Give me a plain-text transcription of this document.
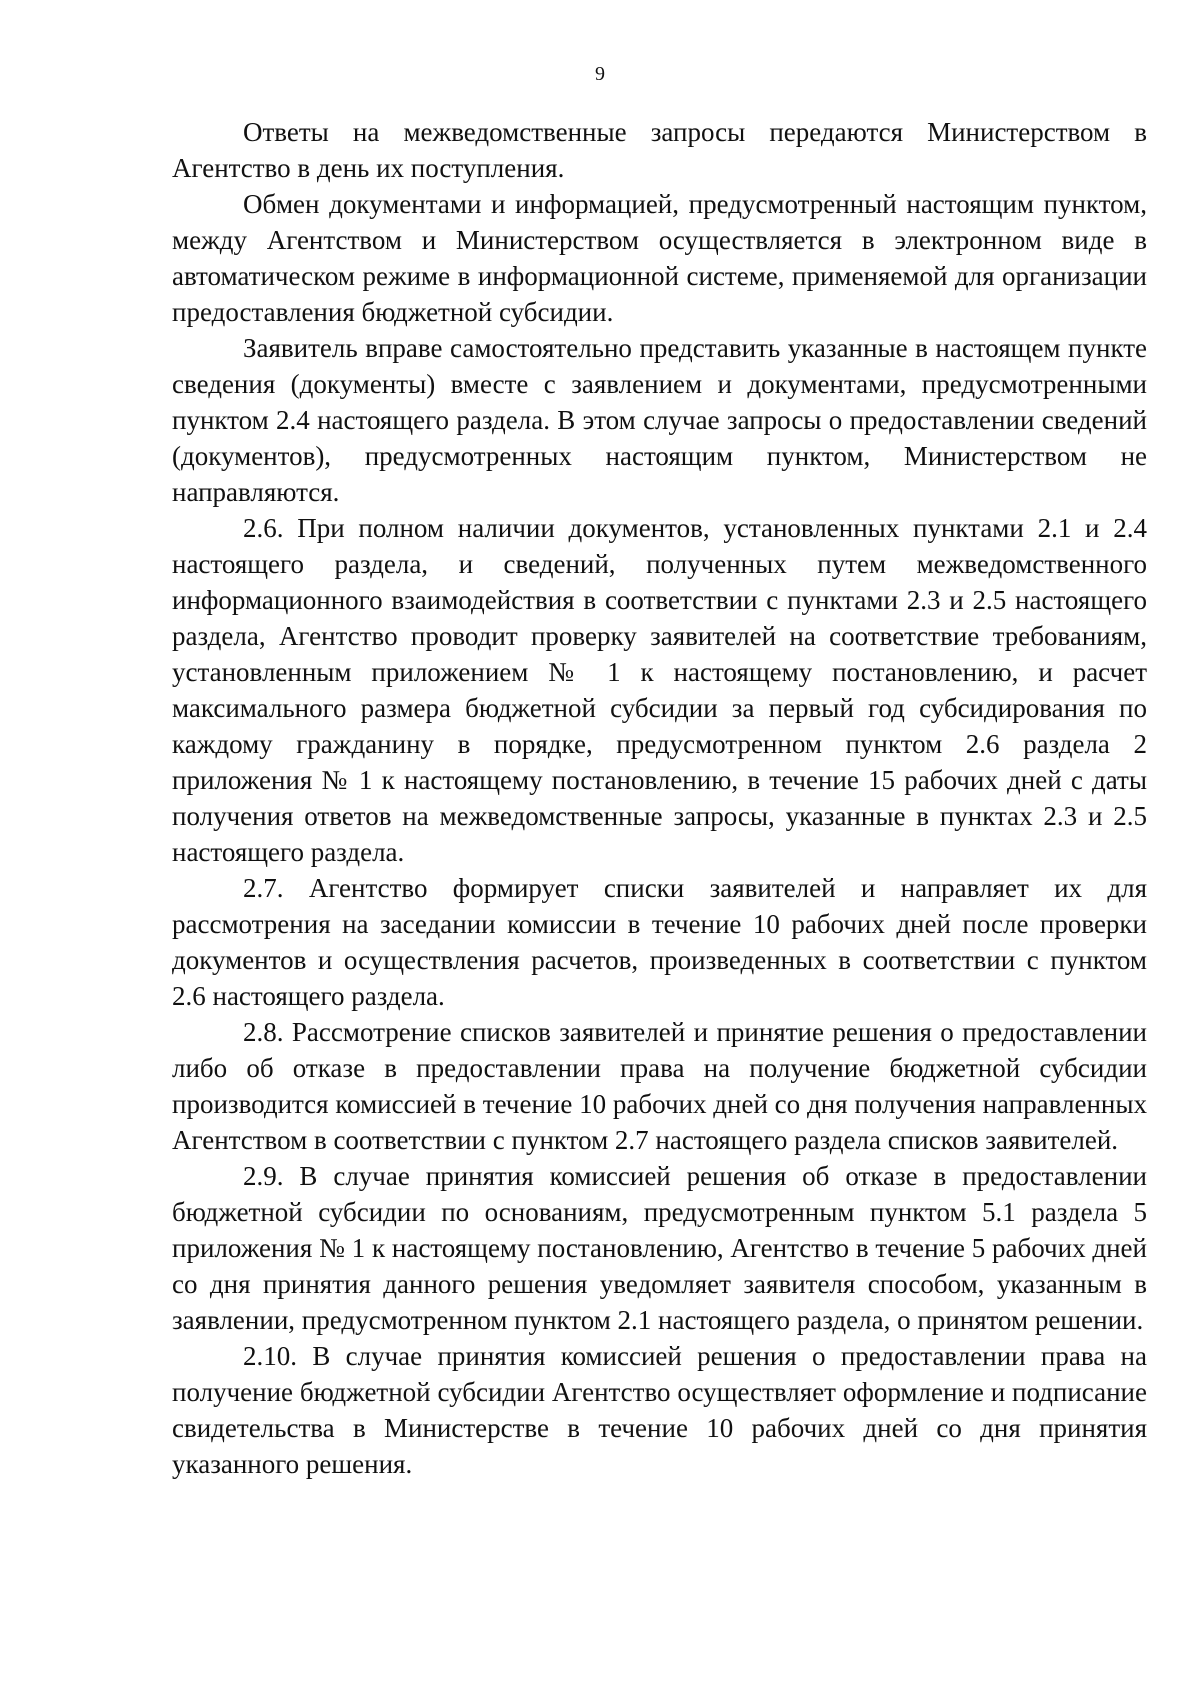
9

Ответы на межведомственные запросы передаются Министерством в Агентство в день их поступления.

Обмен документами и информацией, предусмотренный настоящим пунктом, между Агентством и Министерством осуществляется в электронном виде в автоматическом режиме в информационной системе, применяемой для организации предоставления бюджетной субсидии.

Заявитель вправе самостоятельно представить указанные в настоящем пункте сведения (документы) вместе с заявлением и документами, предусмотренными пунктом 2.4 настоящего раздела. В этом случае запросы о предоставлении сведений (документов), предусмотренных настоящим пунктом, Министерством не направляются.

2.6. При полном наличии документов, установленных пунктами 2.1 и 2.4 настоящего раздела, и сведений, полученных путем межведомственного информационного взаимодействия в соответствии с пунктами 2.3 и 2.5 настоящего раздела, Агентство проводит проверку заявителей на соответствие требованиям, установленным приложением № 1 к настоящему постановлению, и расчет максимального размера бюджетной субсидии за первый год субсидирования по каждому гражданину в порядке, предусмотренном пунктом 2.6 раздела 2 приложения № 1 к настоящему постановлению, в течение 15 рабочих дней с даты получения ответов на межведомственные запросы, указанные в пунктах 2.3 и 2.5 настоящего раздела.

2.7. Агентство формирует списки заявителей и направляет их для рассмотрения на заседании комиссии в течение 10 рабочих дней после проверки документов и осуществления расчетов, произведенных в соответствии с пунктом 2.6 настоящего раздела.

2.8. Рассмотрение списков заявителей и принятие решения о предоставлении либо об отказе в предоставлении права на получение бюджетной субсидии производится комиссией в течение 10 рабочих дней со дня получения направленных Агентством в соответствии с пунктом 2.7 настоящего раздела списков заявителей.

2.9. В случае принятия комиссией решения об отказе в предоставлении бюджетной субсидии по основаниям, предусмотренным пунктом 5.1 раздела 5 приложения № 1 к настоящему постановлению, Агентство в течение 5 рабочих дней со дня принятия данного решения уведомляет заявителя способом, указанным в заявлении, предусмотренном пунктом 2.1 настоящего раздела, о принятом решении.

2.10. В случае принятия комиссией решения о предоставлении права на получение бюджетной субсидии Агентство осуществляет оформление и подписание свидетельства в Министерстве в течение 10 рабочих дней со дня принятия указанного решения.
